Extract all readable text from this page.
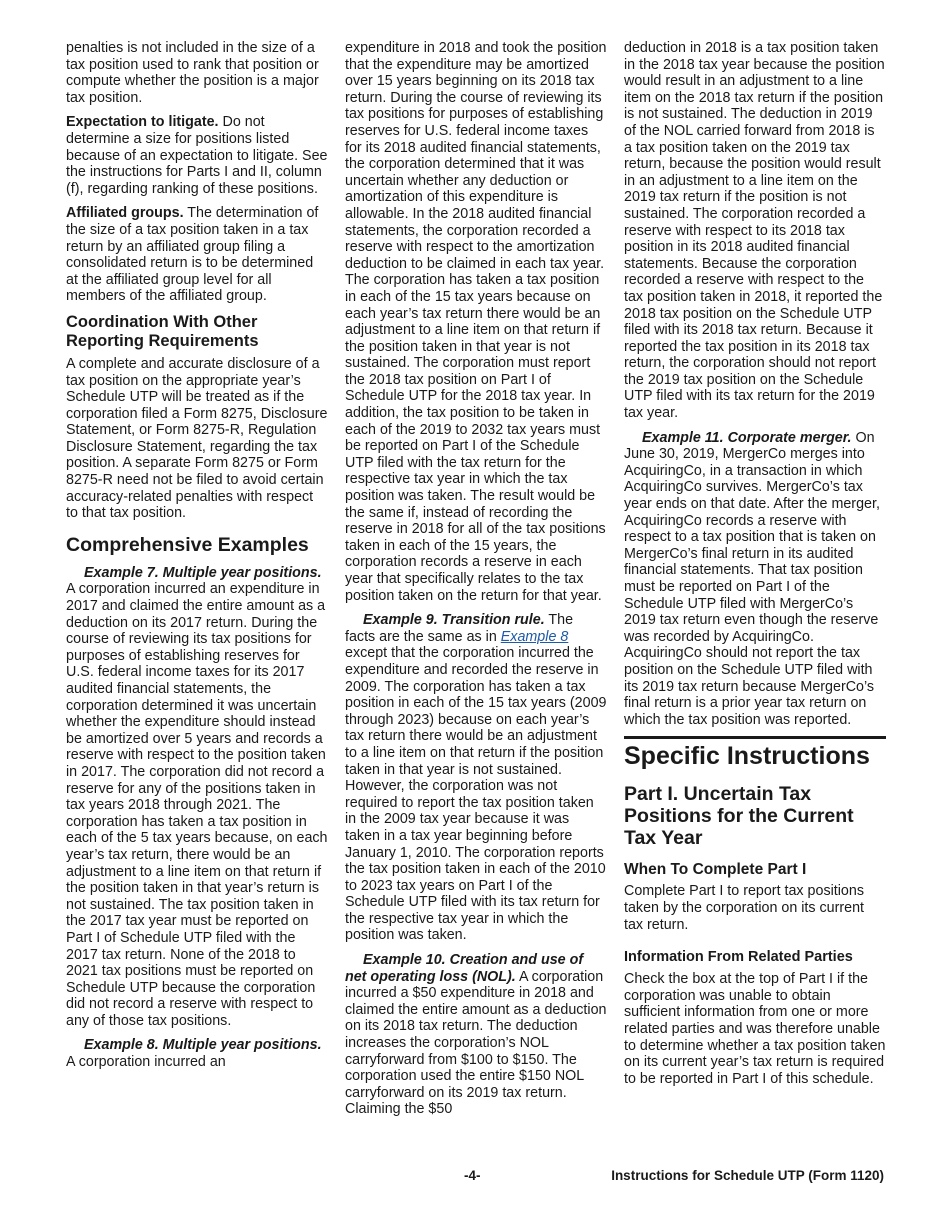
penalties is not included in the size of a tax position used to rank that position or compute whether the position is a major tax position.

Expectation to litigate. Do not determine a size for positions listed because of an expectation to litigate. See the instructions for Parts I and II, column (f), regarding ranking of these positions.

Affiliated groups. The determination of the size of a tax position taken in a tax return by an affiliated group filing a consolidated return is to be determined at the affiliated group level for all members of the affiliated group.

Coordination With Other Reporting Requirements

A complete and accurate disclosure of a tax position on the appropriate year’s Schedule UTP will be treated as if the corporation filed a Form 8275, Disclosure Statement, or Form 8275-R, Regulation Disclosure Statement, regarding the tax position. A separate Form 8275 or Form 8275-R need not be filed to avoid certain accuracy-related penalties with respect to that tax position.

Comprehensive Examples

Example 7. Multiple year positions. A corporation incurred an expenditure in 2017 and claimed the entire amount as a deduction on its 2017 return. During the course of reviewing its tax positions for purposes of establishing reserves for U.S. federal income taxes for its 2017 audited financial statements, the corporation determined it was uncertain whether the expenditure should instead be amortized over 5 years and records a reserve with respect to the position taken in 2017. The corporation did not record a reserve for any of the positions taken in tax years 2018 through 2021. The corporation has taken a tax position in each of the 5 tax years because, on each year’s tax return, there would be an adjustment to a line item on that return if the position taken in that year’s return is not sustained. The tax position taken in the 2017 tax year must be reported on Part I of Schedule UTP filed with the 2017 tax return. None of the 2018 to 2021 tax positions must be reported on Schedule UTP because the corporation did not record a reserve with respect to any of those tax positions.

Example 8. Multiple year positions. A corporation incurred an

expenditure in 2018 and took the position that the expenditure may be amortized over 15 years beginning on its 2018 tax return. During the course of reviewing its tax positions for purposes of establishing reserves for U.S. federal income taxes for its 2018 audited financial statements, the corporation determined that it was uncertain whether any deduction or amortization of this expenditure is allowable. In the 2018 audited financial statements, the corporation recorded a reserve with respect to the amortization deduction to be claimed in each tax year. The corporation has taken a tax position in each of the 15 tax years because on each year’s tax return there would be an adjustment to a line item on that return if the position taken in that year is not sustained. The corporation must report the 2018 tax position on Part I of Schedule UTP for the 2018 tax year. In addition, the tax position to be taken in each of the 2019 to 2032 tax years must be reported on Part I of the Schedule UTP filed with the tax return for the respective tax year in which the tax position was taken. The result would be the same if, instead of recording the reserve in 2018 for all of the tax positions taken in each of the 15 years, the corporation records a reserve in each year that specifically relates to the tax position taken on the return for that year.

Example 9. Transition rule. The facts are the same as in Example 8 except that the corporation incurred the expenditure and recorded the reserve in 2009. The corporation has taken a tax position in each of the 15 tax years (2009 through 2023) because on each year’s tax return there would be an adjustment to a line item on that return if the position taken in that year is not sustained. However, the corporation was not required to report the tax position taken in the 2009 tax year because it was taken in a tax year beginning before January 1, 2010. The corporation reports the tax position taken in each of the 2010 to 2023 tax years on Part I of the Schedule UTP filed with its tax return for the respective tax year in which the position was taken.

Example 10. Creation and use of net operating loss (NOL). A corporation incurred a $50 expenditure in 2018 and claimed the entire amount as a deduction on its 2018 tax return. The deduction increases the corporation’s NOL carryforward from $100 to $150. The corporation used the entire $150 NOL carryforward on its 2019 tax return. Claiming the $50

deduction in 2018 is a tax position taken in the 2018 tax year because the position would result in an adjustment to a line item on the 2018 tax return if the position is not sustained. The deduction in 2019 of the NOL carried forward from 2018 is a tax position taken on the 2019 tax return, because the position would result in an adjustment to a line item on the 2019 tax return if the position is not sustained. The corporation recorded a reserve with respect to its 2018 tax position in its 2018 audited financial statements. Because the corporation recorded a reserve with respect to the tax position taken in 2018, it reported the 2018 tax position on the Schedule UTP filed with its 2018 tax return. Because it reported the tax position in its 2018 tax return, the corporation should not report the 2019 tax position on the Schedule UTP filed with its tax return for the 2019 tax year.

Example 11. Corporate merger. On June 30, 2019, MergerCo merges into AcquiringCo, in a transaction in which AcquiringCo survives. MergerCo’s tax year ends on that date. After the merger, AcquiringCo records a reserve with respect to a tax position that is taken on MergerCo’s final return in its audited financial statements. That tax position must be reported on Part I of the Schedule UTP filed with MergerCo’s 2019 tax return even though the reserve was recorded by AcquiringCo. AcquiringCo should not report the tax position on the Schedule UTP filed with its 2019 tax return because MergerCo’s final return is a prior year tax return on which the tax position was reported.

Specific Instructions
Part I. Uncertain Tax Positions for the Current Tax Year
When To Complete Part I

Complete Part I to report tax positions taken by the corporation on its current tax return.

Information From Related Parties

Check the box at the top of Part I if the corporation was unable to obtain sufficient information from one or more related parties and was therefore unable to determine whether a tax position taken on its current year’s tax return is required to be reported in Part I of this schedule.

-4-	Instructions for Schedule UTP (Form 1120)
